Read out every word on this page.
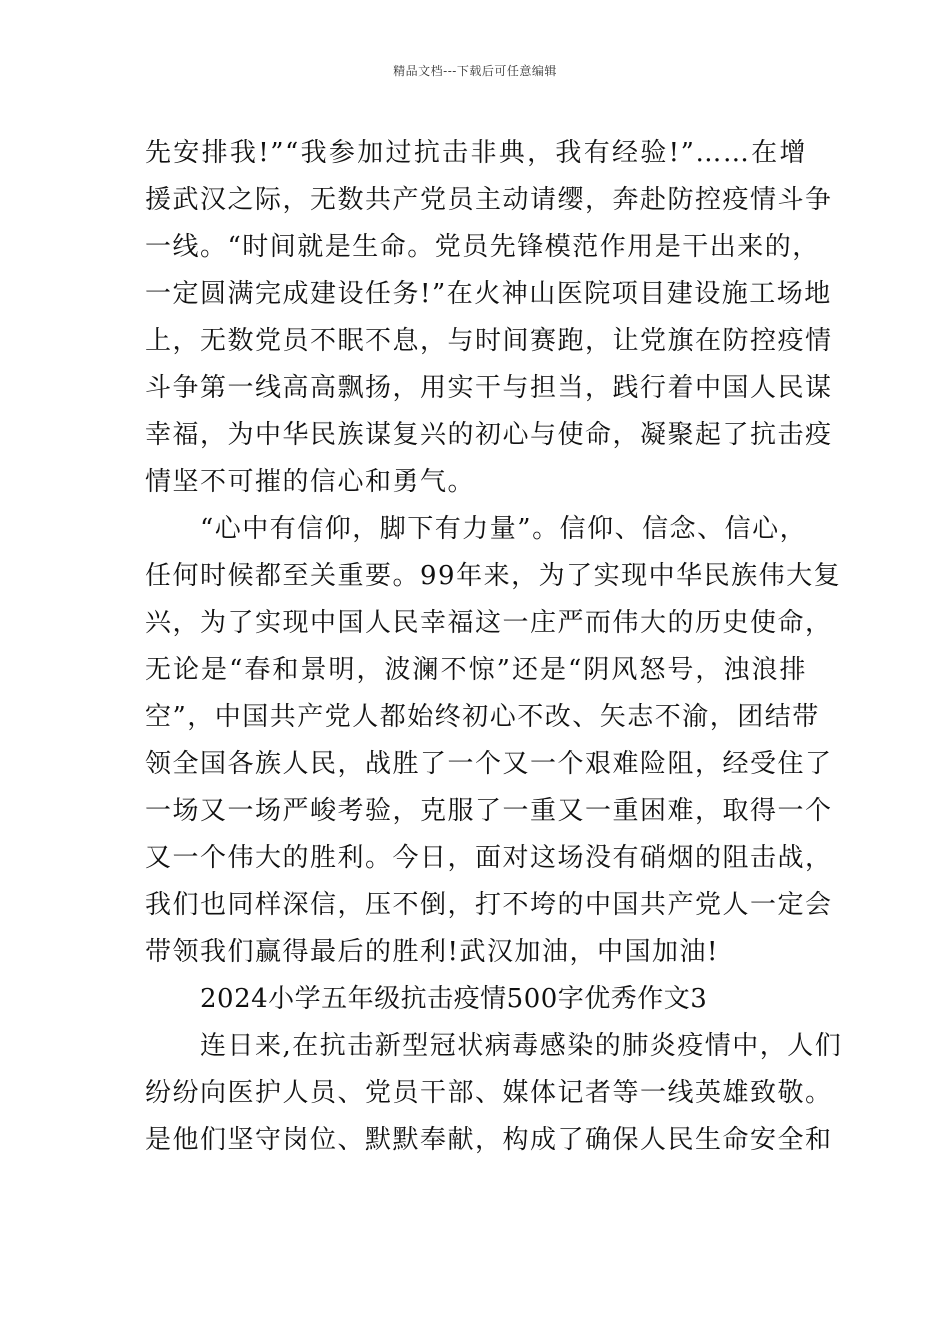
精品文档---下载后可任意编辑
先安排我!”“我参加过抗击非典，我有经验!”……在增
援武汉之际，无数共产党员主动请缨，奔赴防控疫情斗争
一线。“时间就是生命。党员先锋模范作用是干出来的，
一定圆满完成建设任务!”在火神山医院项目建设施工场地
上，无数党员不眠不息，与时间赛跑，让党旗在防控疫情
斗争第一线高高飘扬，用实干与担当，践行着中国人民谋
幸福，为中华民族谋复兴的初心与使命，凝聚起了抗击疫
情坚不可摧的信心和勇气。
“心中有信仰，脚下有力量”。信仰、信念、信心，
任何时候都至关重要。99年来，为了实现中华民族伟大复
兴，为了实现中国人民幸福这一庄严而伟大的历史使命，
无论是“春和景明，波澜不惊”还是“阴风怒号，浊浪排
空”，中国共产党人都始终初心不改、矢志不渝，团结带
领全国各族人民，战胜了一个又一个艰难险阻，经受住了
一场又一场严峻考验，克服了一重又一重困难，取得一个
又一个伟大的胜利。今日，面对这场没有硝烟的阻击战，
我们也同样深信，压不倒，打不垮的中国共产党人一定会
带领我们赢得最后的胜利!武汉加油，中国加油!
2024小学五年级抗击疫情500字优秀作文3
连日来,在抗击新型冠状病毒感染的肺炎疫情中，人们
纷纷向医护人员、党员干部、媒体记者等一线英雄致敬。
是他们坚守岗位、默默奉献，构成了确保人民生命安全和
